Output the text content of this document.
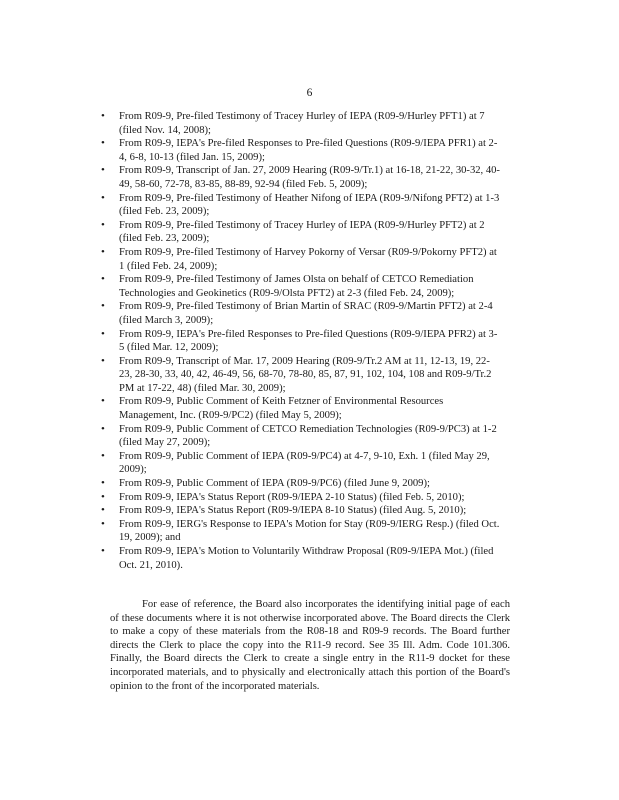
6
• From R09-9, Pre-filed Testimony of Tracey Hurley of IEPA (R09-9/Hurley PFT1) at 7 (filed Nov. 14, 2008);
• From R09-9, IEPA's Pre-filed Responses to Pre-filed Questions (R09-9/IEPA PFR1) at 2-4, 6-8, 10-13 (filed Jan. 15, 2009);
• From R09-9, Transcript of Jan. 27, 2009 Hearing (R09-9/Tr.1) at 16-18, 21-22, 30-32, 40-49, 58-60, 72-78, 83-85, 88-89, 92-94 (filed Feb. 5, 2009);
• From R09-9, Pre-filed Testimony of Heather Nifong of IEPA (R09-9/Nifong PFT2) at 1-3 (filed Feb. 23, 2009);
• From R09-9, Pre-filed Testimony of Tracey Hurley of IEPA (R09-9/Hurley PFT2) at 2 (filed Feb. 23, 2009);
• From R09-9, Pre-filed Testimony of Harvey Pokorny of Versar (R09-9/Pokorny PFT2) at 1 (filed Feb. 24, 2009);
• From R09-9, Pre-filed Testimony of James Olsta on behalf of CETCO Remediation Technologies and Geokinetics (R09-9/Olsta PFT2) at 2-3 (filed Feb. 24, 2009);
• From R09-9, Pre-filed Testimony of Brian Martin of SRAC (R09-9/Martin PFT2) at 2-4 (filed March 3, 2009);
• From R09-9, IEPA's Pre-filed Responses to Pre-filed Questions (R09-9/IEPA PFR2) at 3-5 (filed Mar. 12, 2009);
• From R09-9, Transcript of Mar. 17, 2009 Hearing (R09-9/Tr.2 AM at 11, 12-13, 19, 22-23, 28-30, 33, 40, 42, 46-49, 56, 68-70, 78-80, 85, 87, 91, 102, 104, 108 and R09-9/Tr.2 PM at 17-22, 48) (filed Mar. 30, 2009);
• From R09-9, Public Comment of Keith Fetzner of Environmental Resources Management, Inc. (R09-9/PC2) (filed May 5, 2009);
• From R09-9, Public Comment of CETCO Remediation Technologies (R09-9/PC3) at 1-2 (filed May 27, 2009);
• From R09-9, Public Comment of IEPA (R09-9/PC4) at 4-7, 9-10, Exh. 1 (filed May 29, 2009);
• From R09-9, Public Comment of IEPA (R09-9/PC6) (filed June 9, 2009);
• From R09-9, IEPA's Status Report (R09-9/IEPA 2-10 Status) (filed Feb. 5, 2010);
• From R09-9, IEPA's Status Report (R09-9/IEPA 8-10 Status) (filed Aug. 5, 2010);
• From R09-9, IERG's Response to IEPA's Motion for Stay (R09-9/IERG Resp.) (filed Oct. 19, 2009); and
• From R09-9, IEPA's Motion to Voluntarily Withdraw Proposal (R09-9/IEPA Mot.) (filed Oct. 21, 2010).

For ease of reference, the Board also incorporates the identifying initial page of each of these documents where it is not otherwise incorporated above. The Board directs the Clerk to make a copy of these materials from the R08-18 and R09-9 records. The Board further directs the Clerk to place the copy into the R11-9 record. See 35 Ill. Adm. Code 101.306. Finally, the Board directs the Clerk to create a single entry in the R11-9 docket for these incorporated materials, and to physically and electronically attach this portion of the Board's opinion to the front of the incorporated materials.
